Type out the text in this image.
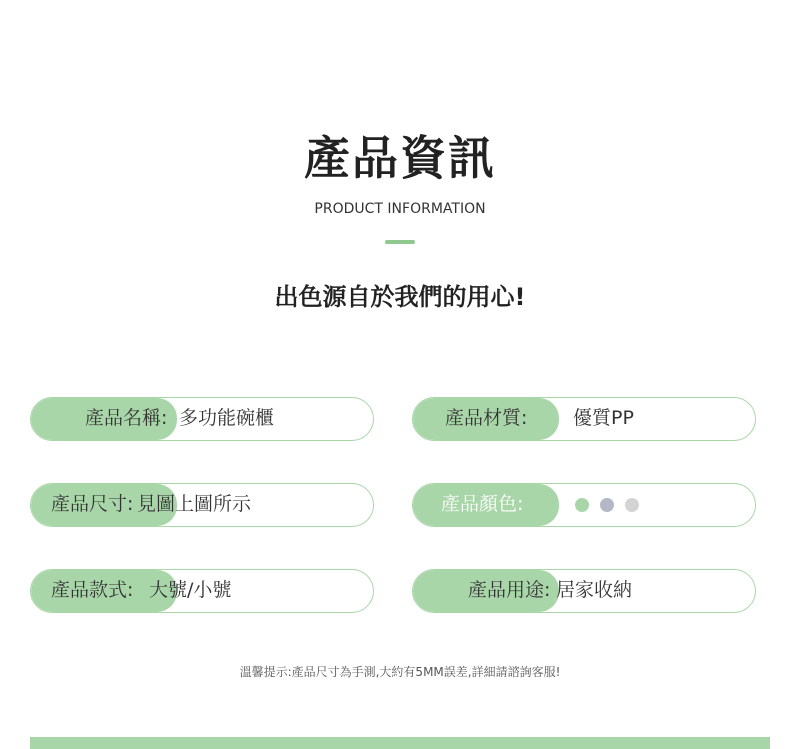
產品資訊
PRODUCT INFORMATION
出色源自於我們的用心!
產品名稱: 多功能碗櫃	產品材質: 優質PP
產品尺寸: 見圖上圖所示	產品顏色:
產品款式: 大號/小號	產品用途: 居家收納
溫馨提示:產品尺寸為手測,大約有5MM誤差,詳細請諮詢客服!
